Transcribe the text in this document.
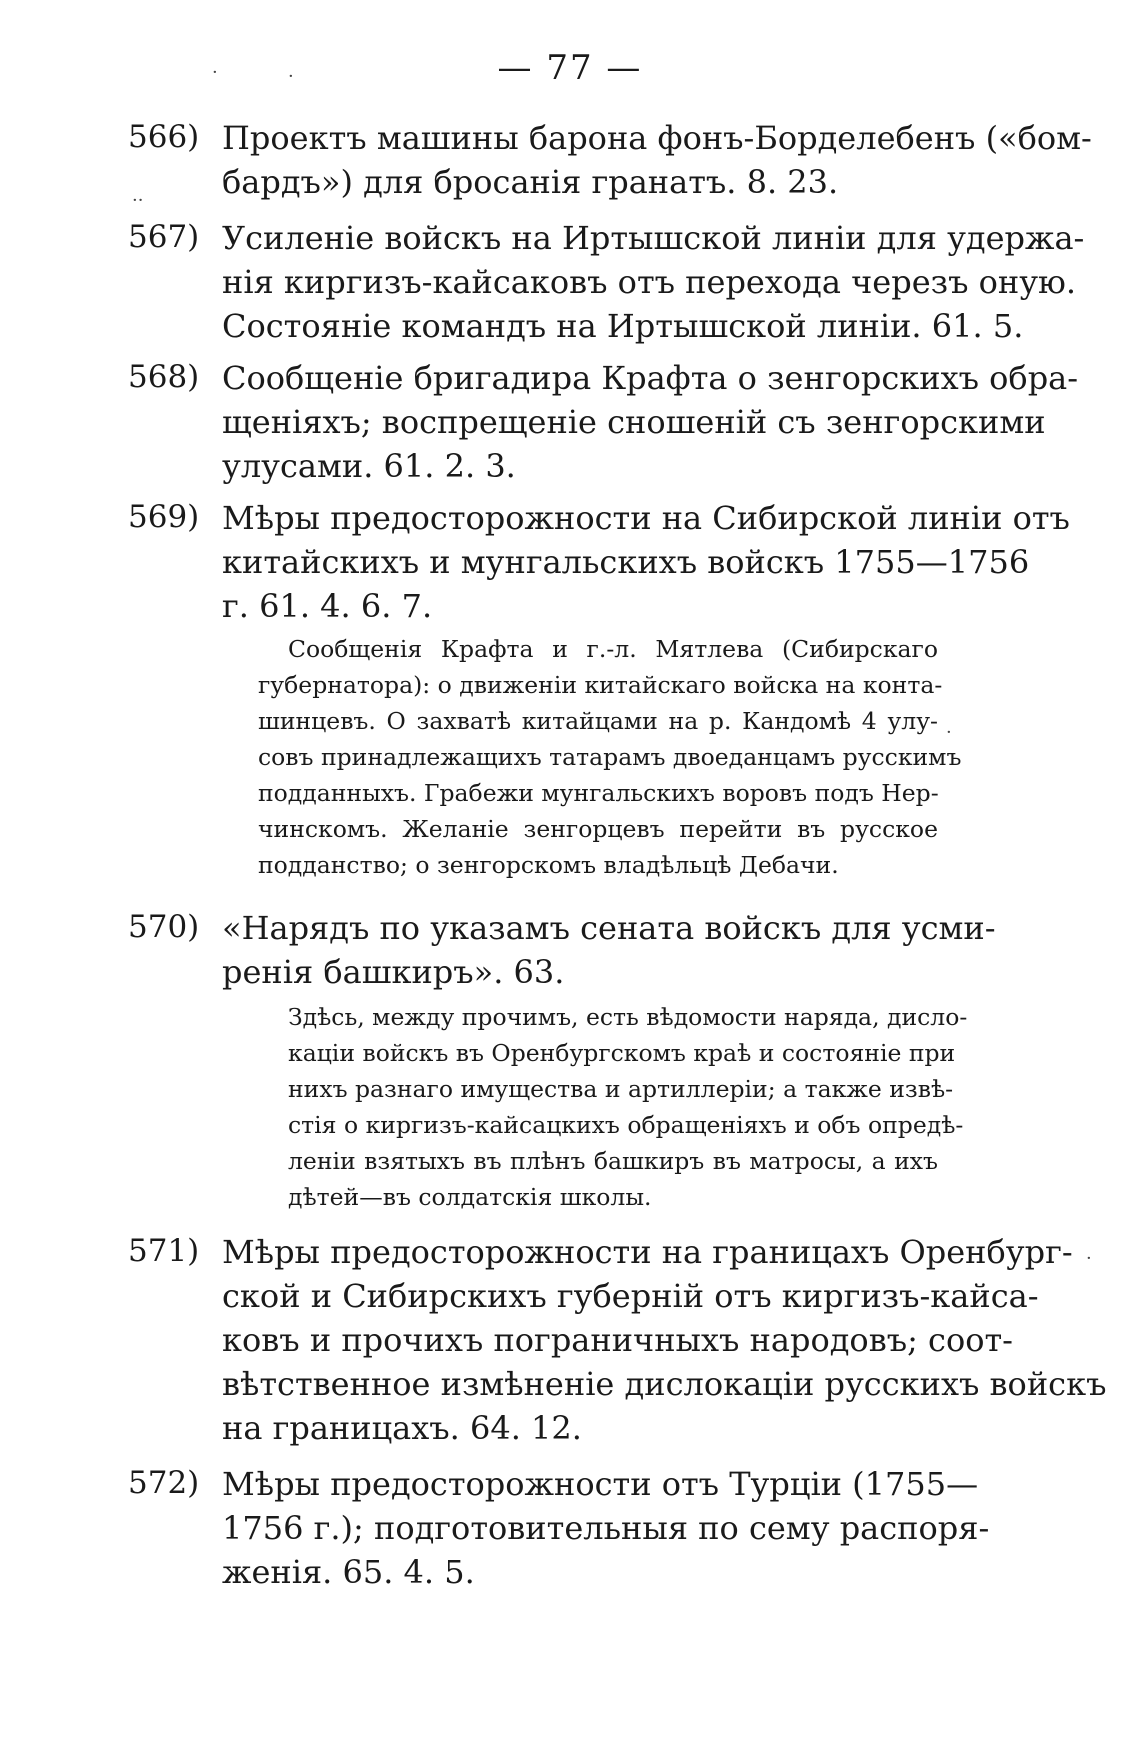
— 77 —
·	·
··
·
·
566) Проектъ машины барона фонъ-Борделебенъ («бом-
бардъ») для бросанія гранатъ. 8. 23.
567) Усиленіе войскъ на Иртышской линіи для удержа-
нія киргизъ-кайсаковъ отъ перехода черезъ оную.
Состояніе командъ на Иртышской линіи. 61. 5.
568) Сообщеніе бригадира Крафта о зенгорскихъ обра-
щеніяхъ; воспрещеніе сношеній съ зенгорскими
улусами. 61. 2. 3.
569) Мѣры предосторожности на Сибирской линіи отъ
китайскихъ и мунгальскихъ войскъ 1755—1756
г. 61. 4. 6. 7.
Сообщенія Крафта и г.-л. Мятлева (Сибирскаго
губернатора): о движеніи китайскаго войска на конта-
шинцевъ. О захватѣ китайцами на р. Кандомѣ 4 улу-
совъ принадлежащихъ татарамъ двоеданцамъ русскимъ
подданныхъ. Грабежи мунгальскихъ воровъ подъ Нер-
чинскомъ. Желаніе зенгорцевъ перейти въ русское
подданство; о зенгорскомъ владѣльцѣ Дебачи.
570) «Нарядъ по указамъ сената войскъ для усми-
ренія башкиръ». 63.
Здѣсь, между прочимъ, есть вѣдомости наряда, дисло-
каціи войскъ въ Оренбургскомъ краѣ и состояніе при
нихъ разнаго имущества и артиллеріи; а также извѣ-
стія о киргизъ-кайсацкихъ обращеніяхъ и объ опредѣ-
леніи взятыхъ въ плѣнъ башкиръ въ матросы, а ихъ
дѣтей—въ солдатскія школы.
571) Мѣры предосторожности на границахъ Оренбург-
ской и Сибирскихъ губерній отъ киргизъ-кайса-
ковъ и прочихъ пограничныхъ народовъ; соот-
вѣтственное измѣненіе дислокаціи русскихъ войскъ
на границахъ. 64. 12.
572) Мѣры предосторожности отъ Турціи (1755—
1756 г.); подготовительныя по сему распоря-
женія. 65. 4. 5.
